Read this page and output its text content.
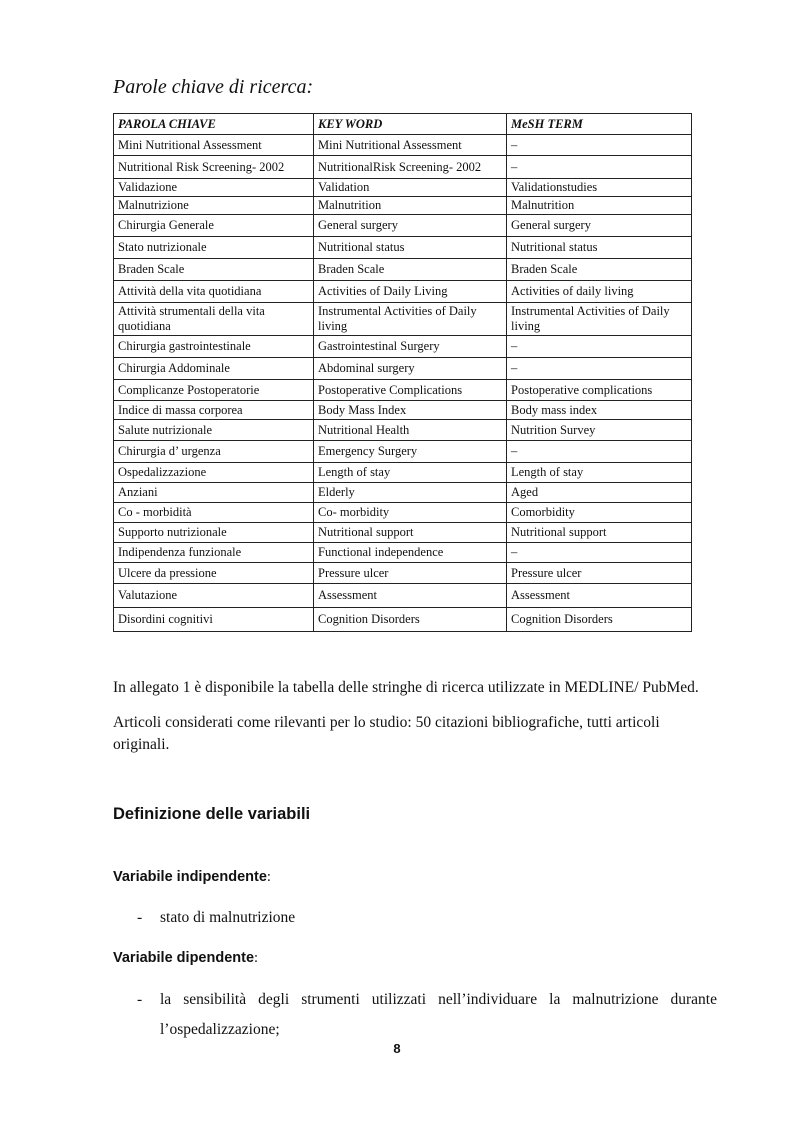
Parole chiave di ricerca:
PAROLA CHIAVE	KEY WORD	MeSH TERM
Mini Nutritional Assessment	Mini Nutritional Assessment	–
Nutritional Risk Screening- 2002	NutritionalRisk Screening- 2002	–
Validazione	Validation	Validationstudies
Malnutrizione	Malnutrition	Malnutrition
Chirurgia Generale	General surgery	General surgery
Stato nutrizionale	Nutritional status	Nutritional status
Braden Scale	Braden Scale	Braden Scale
Attività della vita quotidiana	Activities of Daily Living	Activities of daily living
Attività strumentali della vita quotidiana	Instrumental Activities of Daily living	Instrumental Activities of Daily living
Chirurgia gastrointestinale	Gastrointestinal Surgery	–
Chirurgia Addominale	Abdominal surgery	–
Complicanze Postoperatorie	Postoperative Complications	Postoperative complications
Indice di massa corporea	Body Mass Index	Body mass index
Salute nutrizionale	Nutritional Health	Nutrition Survey
Chirurgia d’ urgenza	Emergency Surgery	–
Ospedalizzazione	Length of stay	Length of stay
Anziani	Elderly	Aged
Co - morbidità	Co- morbidity	Comorbidity
Supporto nutrizionale	Nutritional support	Nutritional support
Indipendenza funzionale	Functional independence	–
Ulcere da pressione	Pressure ulcer	Pressure ulcer
Valutazione	Assessment	Assessment
Disordini cognitivi	Cognition Disorders	Cognition Disorders

In allegato 1 è disponibile la tabella delle stringhe di ricerca utilizzate in MEDLINE/ PubMed.

Articoli considerati come rilevanti per lo studio: 50 citazioni bibliografiche, tutti articoli originali.

Definizione delle variabili
Variabile indipendente:
- stato di malnutrizione
Variabile dipendente:
- la sensibilità degli strumenti utilizzati nell’individuare la malnutrizione durante
l’ospedalizzazione;
8
